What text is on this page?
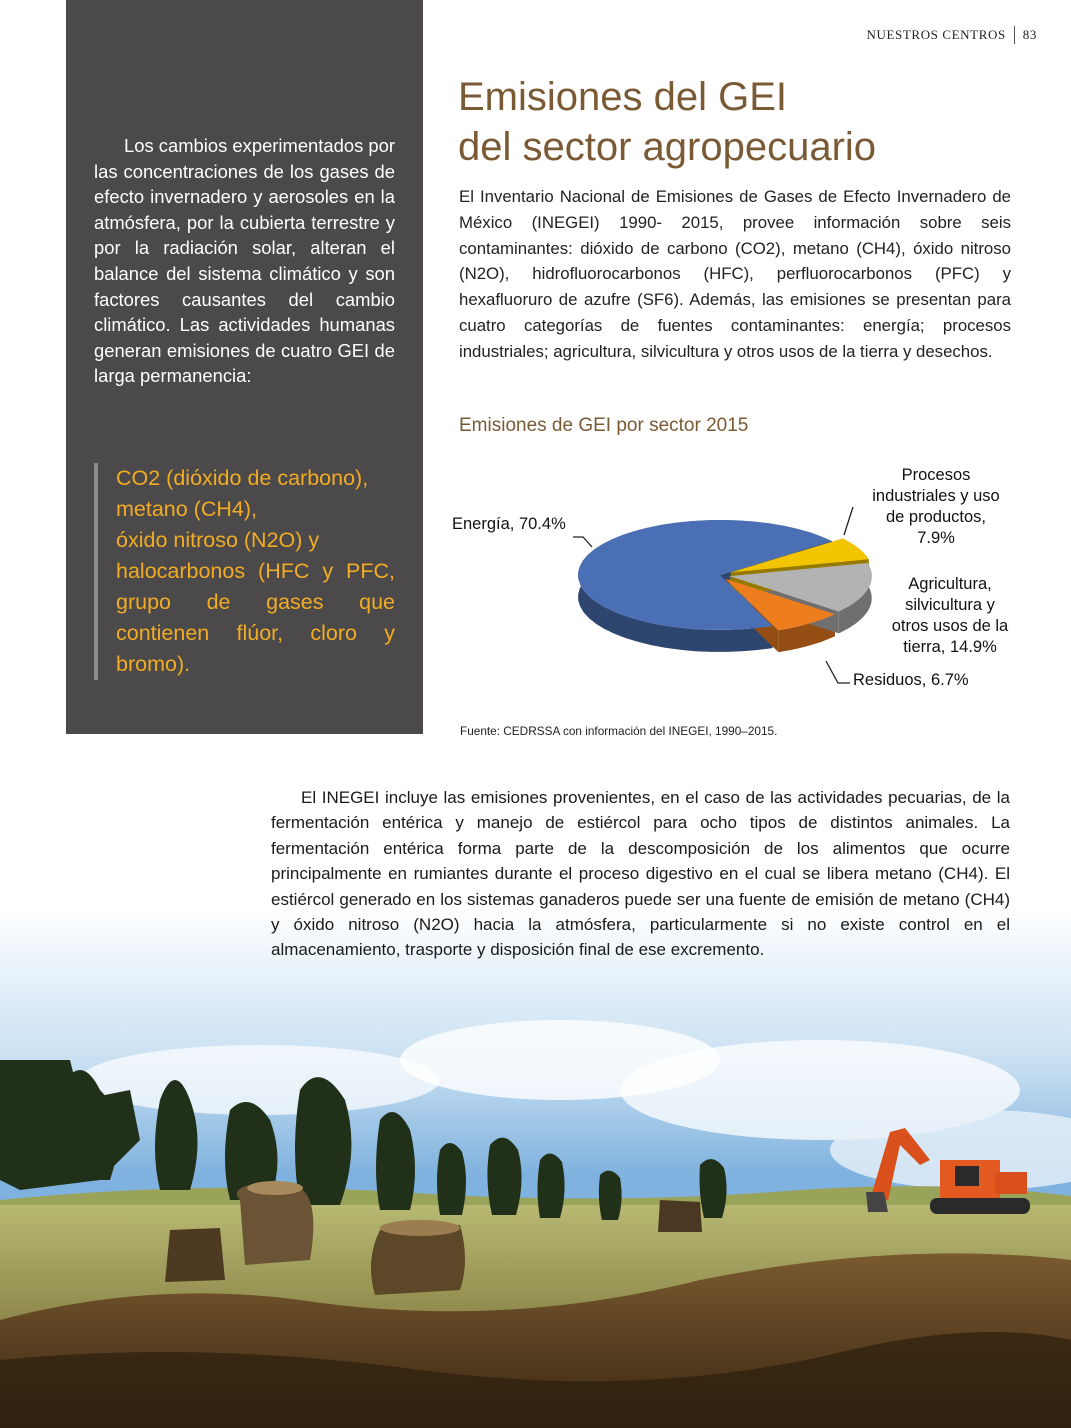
NUESTROS CENTROS 83

Los cambios experimentados por las concentraciones de los gases de efecto invernadero y aerosoles en la atmósfera, por la cubierta terrestre y por la radiación solar, alteran el balance del sistema climático y son factores causantes del cambio climático. Las actividades humanas generan emisiones de cuatro GEI de larga permanencia:

CO2 (dióxido de carbono),

metano (CH4),

óxido nitroso (N2O) y

halocarbonos (HFC y PFC, grupo de gases que contienen flúor, cloro y bromo).

Emisiones del GEI
del sector agropecuario

El Inventario Nacional de Emisiones de Gases de Efecto Invernadero de México (INEGEI) 1990- 2015, provee información sobre seis contaminantes: dióxido de carbono (CO2), metano (CH4), óxido nitroso (N2O), hidrofluorocarbonos (HFC), perfluorocarbonos (PFC) y hexafluoruro de azufre (SF6). Además, las emisiones se presentan para cuatro categorías de fuentes contaminantes: energía; procesos industriales; agricultura, silvicultura y otros usos de la tierra y desechos.

Emisiones de GEI por sector 2015
Energía, 70.4%
Procesos
industriales y uso
de productos,
7.9%
Agricultura,
silvicultura y
otros usos de la
tierra, 14.9%
Residuos, 6.7%

Fuente: CEDRSSA con información del INEGEI, 1990–2015.

El INEGEI incluye las emisiones provenientes, en el caso de las actividades pecuarias, de la fermentación entérica y manejo de estiércol para ocho tipos de distintos animales. La fermentación entérica forma parte de la descomposición de los alimentos que ocurre principalmente en rumiantes durante el proceso digestivo en el cual se libera metano (CH4). El estiércol generado en los sistemas ganaderos puede ser una fuente de emisión de metano (CH4) y óxido nitroso (N2O) hacia la atmósfera, particularmente si no existe control en el almacenamiento, trasporte y disposición final de ese excremento.
